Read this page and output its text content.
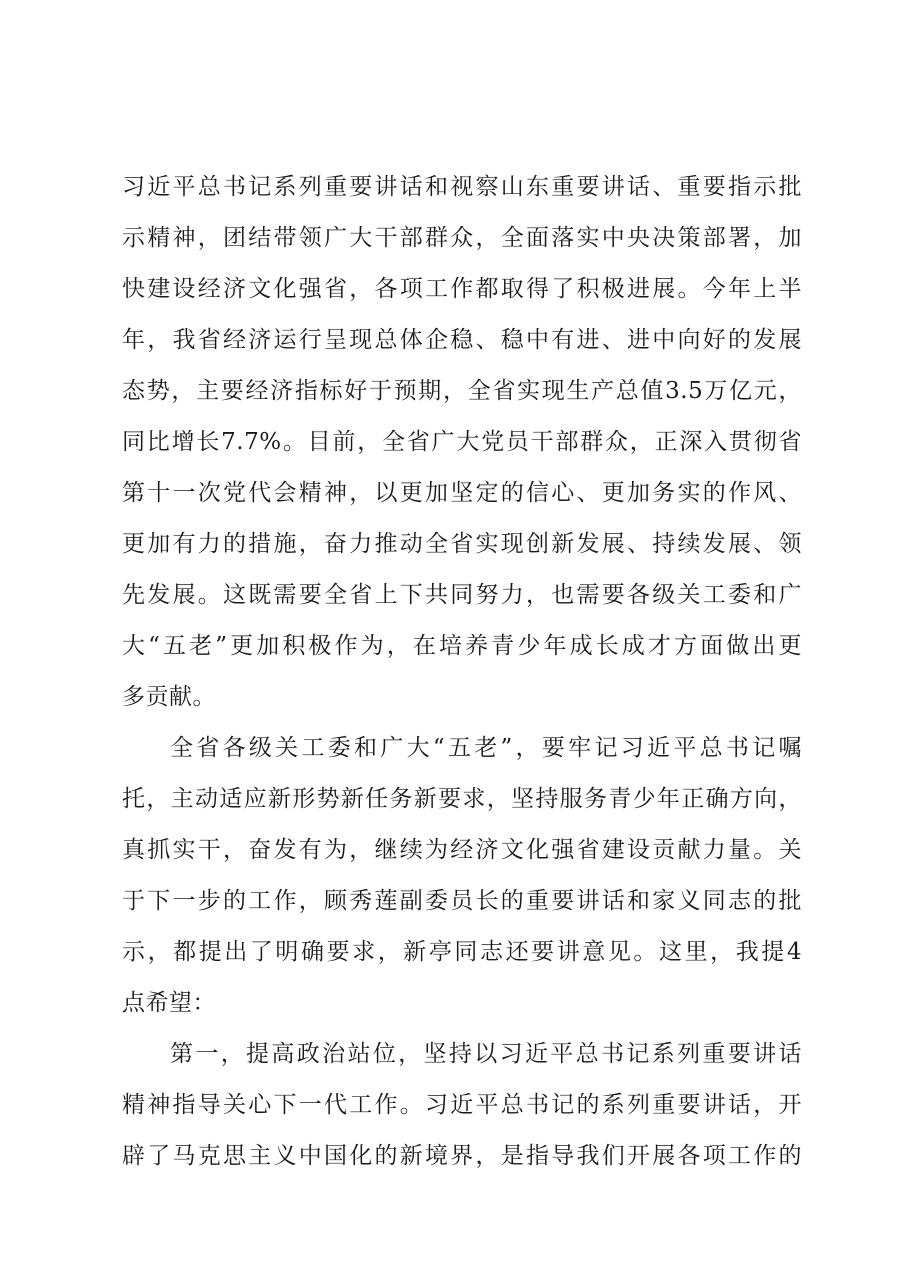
习近平总书记系列重要讲话和视察山东重要讲话、重要指示批
示精神，团结带领广大干部群众，全面落实中央决策部署，加
快建设经济文化强省，各项工作都取得了积极进展。今年上半
年，我省经济运行呈现总体企稳、稳中有进、进中向好的发展
态势，主要经济指标好于预期，全省实现生产总值3.5万亿元，
同比增长7.7%。目前，全省广大党员干部群众，正深入贯彻省
第十一次党代会精神，以更加坚定的信心、更加务实的作风、
更加有力的措施，奋力推动全省实现创新发展、持续发展、领
先发展。这既需要全省上下共同努力，也需要各级关工委和广
大“五老”更加积极作为，在培养青少年成长成才方面做出更
多贡献。
全省各级关工委和广大“五老”，要牢记习近平总书记嘱
托，主动适应新形势新任务新要求，坚持服务青少年正确方向，
真抓实干，奋发有为，继续为经济文化强省建设贡献力量。关
于下一步的工作，顾秀莲副委员长的重要讲话和家义同志的批
示，都提出了明确要求，新亭同志还要讲意见。这里，我提4
点希望：
第一，提高政治站位，坚持以习近平总书记系列重要讲话
精神指导关心下一代工作。习近平总书记的系列重要讲话，开
辟了马克思主义中国化的新境界，是指导我们开展各项工作的
